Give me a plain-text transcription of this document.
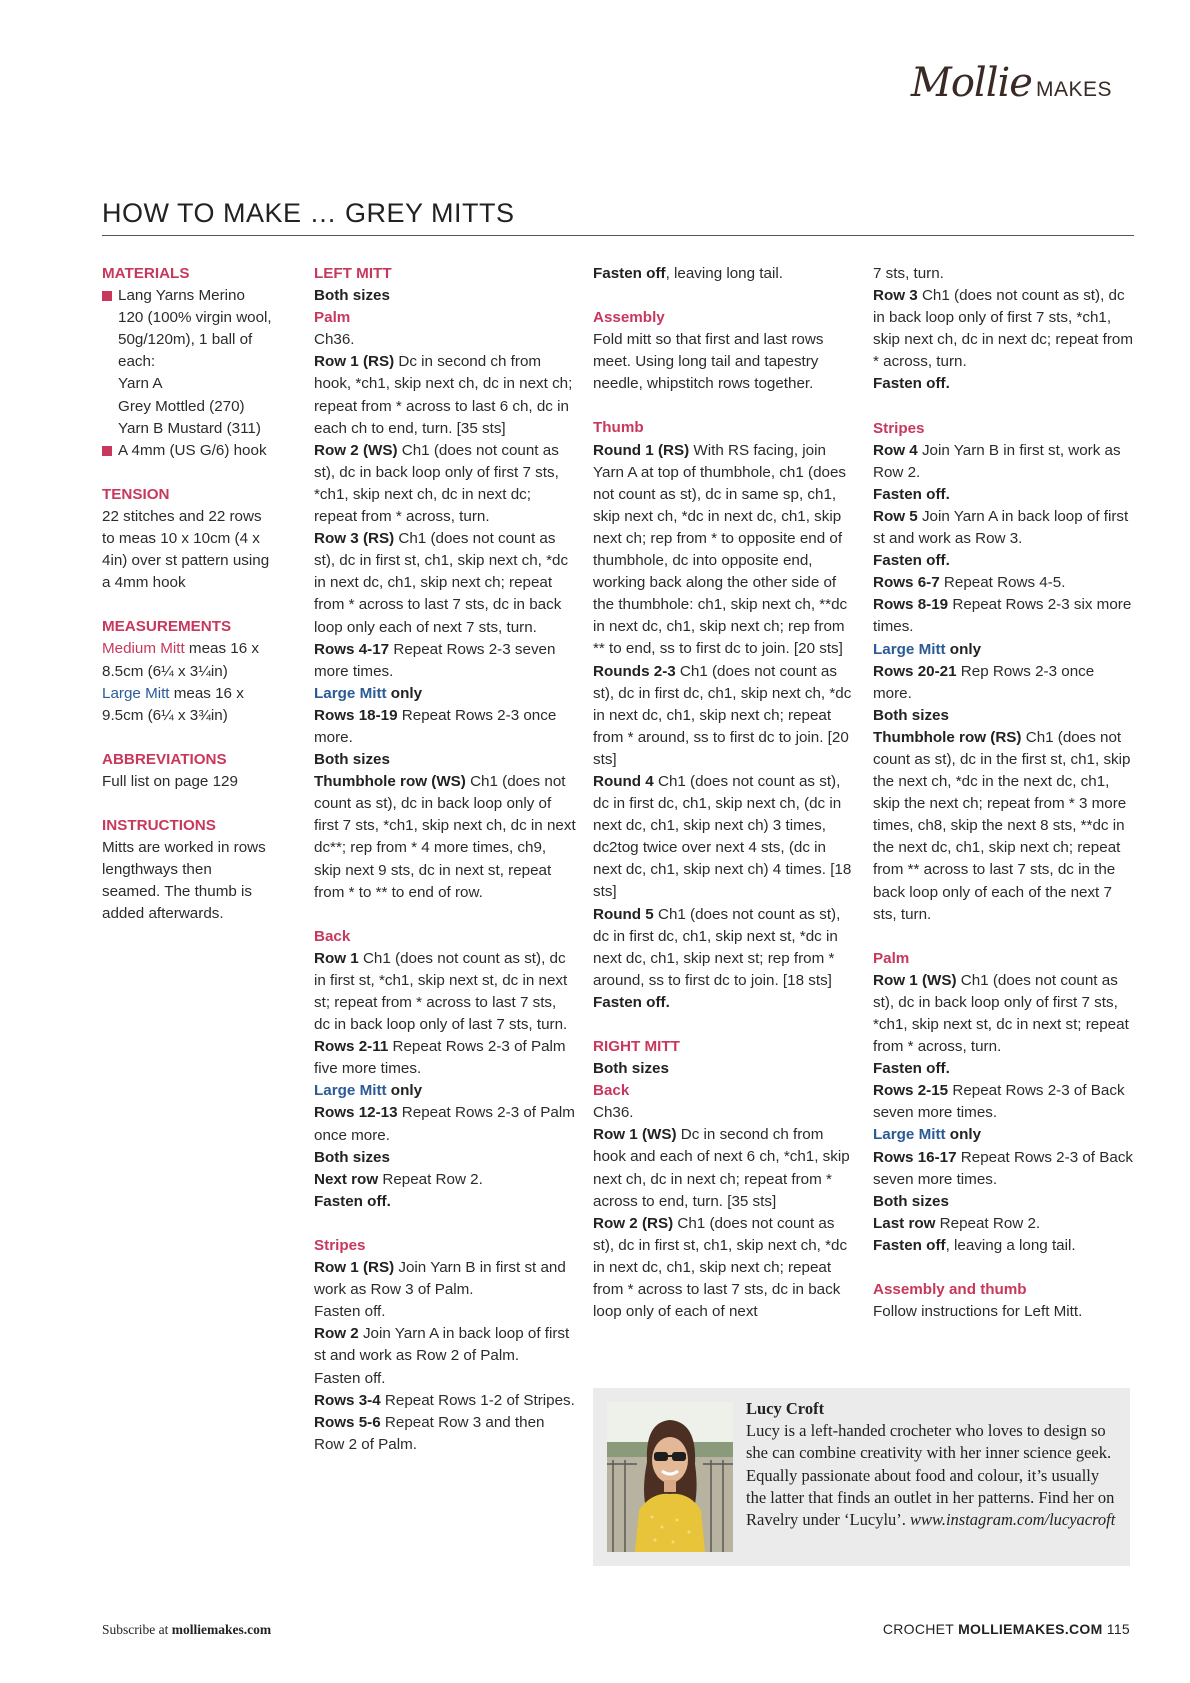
Mollie MAKES
HOW TO MAKE … GREY MITTS

MATERIALS

Lang Yarns Merino 120 (100% virgin wool, 50g/120m), 1 ball of each:
Yarn A
Grey Mottled (270)
Yarn B Mustard (311)
A 4mm (US G/6) hook

TENSION

22 stitches and 22 rows to meas 10 x 10cm (4 x 4in) over st pattern using a 4mm hook

MEASUREMENTS

Medium Mitt meas 16 x 8.5cm (6¼ x 3¼in)

Large Mitt meas 16 x 9.5cm (6¼ x 3¾in)

ABBREVIATIONS

Full list on page 129

INSTRUCTIONS

Mitts are worked in rows lengthways then seamed. The thumb is added afterwards.

LEFT MITT

Both sizes

Palm

Ch36.

Row 1 (RS) Dc in second ch from hook, *ch1, skip next ch, dc in next ch; repeat from * across to last 6 ch, dc in each ch to end, turn. [35 sts]

Row 2 (WS) Ch1 (does not count as st), dc in back loop only of first 7 sts, *ch1, skip next ch, dc in next dc; repeat from * across, turn.

Row 3 (RS) Ch1 (does not count as st), dc in first st, ch1, skip next ch, *dc in next dc, ch1, skip next ch; repeat from * across to last 7 sts, dc in back loop only each of next 7 sts, turn.

Rows 4-17 Repeat Rows 2-3 seven more times.

Large Mitt only

Rows 18-19 Repeat Rows 2-3 once more.

Both sizes

Thumbhole row (WS) Ch1 (does not count as st), dc in back loop only of first 7 sts, *ch1, skip next ch, dc in next dc**; rep from * 4 more times, ch9, skip next 9 sts, dc in next st, repeat from * to ** to end of row.

Back

Row 1 Ch1 (does not count as st), dc in first st, *ch1, skip next st, dc in next st; repeat from * across to last 7 sts, dc in back loop only of last 7 sts, turn.

Rows 2-11 Repeat Rows 2-3 of Palm five more times.

Large Mitt only

Rows 12-13 Repeat Rows 2-3 of Palm once more.

Both sizes

Next row Repeat Row 2.

Fasten off.

Stripes

Row 1 (RS) Join Yarn B in first st and work as Row 3 of Palm.

Fasten off.

Row 2 Join Yarn A in back loop of first st and work as Row 2 of Palm.

Fasten off.

Rows 3-4 Repeat Rows 1-2 of Stripes.

Rows 5-6 Repeat Row 3 and then Row 2 of Palm.

Fasten off, leaving long tail.

Assembly

Fold mitt so that first and last rows meet. Using long tail and tapestry needle, whipstitch rows together.

Thumb

Round 1 (RS) With RS facing, join Yarn A at top of thumbhole, ch1 (does not count as st), dc in same sp, ch1, skip next ch, *dc in next dc, ch1, skip next ch; rep from * to opposite end of thumbhole, dc into opposite end, working back along the other side of the thumbhole: ch1, skip next ch, **dc in next dc, ch1, skip next ch; rep from ** to end, ss to first dc to join. [20 sts]

Rounds 2-3 Ch1 (does not count as st), dc in first dc, ch1, skip next ch, *dc in next dc, ch1, skip next ch; repeat from * around, ss to first dc to join. [20 sts]

Round 4 Ch1 (does not count as st), dc in first dc, ch1, skip next ch, (dc in next dc, ch1, skip next ch) 3 times, dc2tog twice over next 4 sts, (dc in next dc, ch1, skip next ch) 4 times. [18 sts]

Round 5 Ch1 (does not count as st), dc in first dc, ch1, skip next st, *dc in next dc, ch1, skip next st; rep from * around, ss to first dc to join. [18 sts]

Fasten off.

RIGHT MITT

Both sizes

Back

Ch36.

Row 1 (WS) Dc in second ch from hook and each of next 6 ch, *ch1, skip next ch, dc in next ch; repeat from * across to end, turn. [35 sts]

Row 2 (RS) Ch1 (does not count as st), dc in first st, ch1, skip next ch, *dc in next dc, ch1, skip next ch; repeat from * across to last 7 sts, dc in back loop only of each of next

7 sts, turn.

Row 3 Ch1 (does not count as st), dc in back loop only of first 7 sts, *ch1, skip next ch, dc in next dc; repeat from * across, turn.

Fasten off.

Stripes

Row 4 Join Yarn B in first st, work as Row 2.

Fasten off.

Row 5 Join Yarn A in back loop of first st and work as Row 3.

Fasten off.

Rows 6-7 Repeat Rows 4-5.

Rows 8-19 Repeat Rows 2-3 six more times.

Large Mitt only

Rows 20-21 Rep Rows 2-3 once more.

Both sizes

Thumbhole row (RS) Ch1 (does not count as st), dc in the first st, ch1, skip the next ch, *dc in the next dc, ch1, skip the next ch; repeat from * 3 more times, ch8, skip the next 8 sts, **dc in the next dc, ch1, skip next ch; repeat from ** across to last 7 sts, dc in the back loop only of each of the next 7 sts, turn.

Palm

Row 1 (WS) Ch1 (does not count as st), dc in back loop only of first 7 sts, *ch1, skip next st, dc in next st; repeat from * across, turn.

Fasten off.

Rows 2-15 Repeat Rows 2-3 of Back seven more times.

Large Mitt only

Rows 16-17 Repeat Rows 2-3 of Back seven more times.

Both sizes

Last row Repeat Row 2.

Fasten off, leaving a long tail.

Assembly and thumb

Follow instructions for Left Mitt.

Lucy Croft
Lucy is a left-handed crocheter who loves to design so she can combine creativity with her inner science geek. Equally passionate about food and colour, it’s usually the latter that finds an outlet in her patterns. Find her on Ravelry under ‘Lucylu’. www.instagram.com/lucyacroft
Subscribe at molliemakes.com	CROCHET MOLLIEMAKES.COM 115
